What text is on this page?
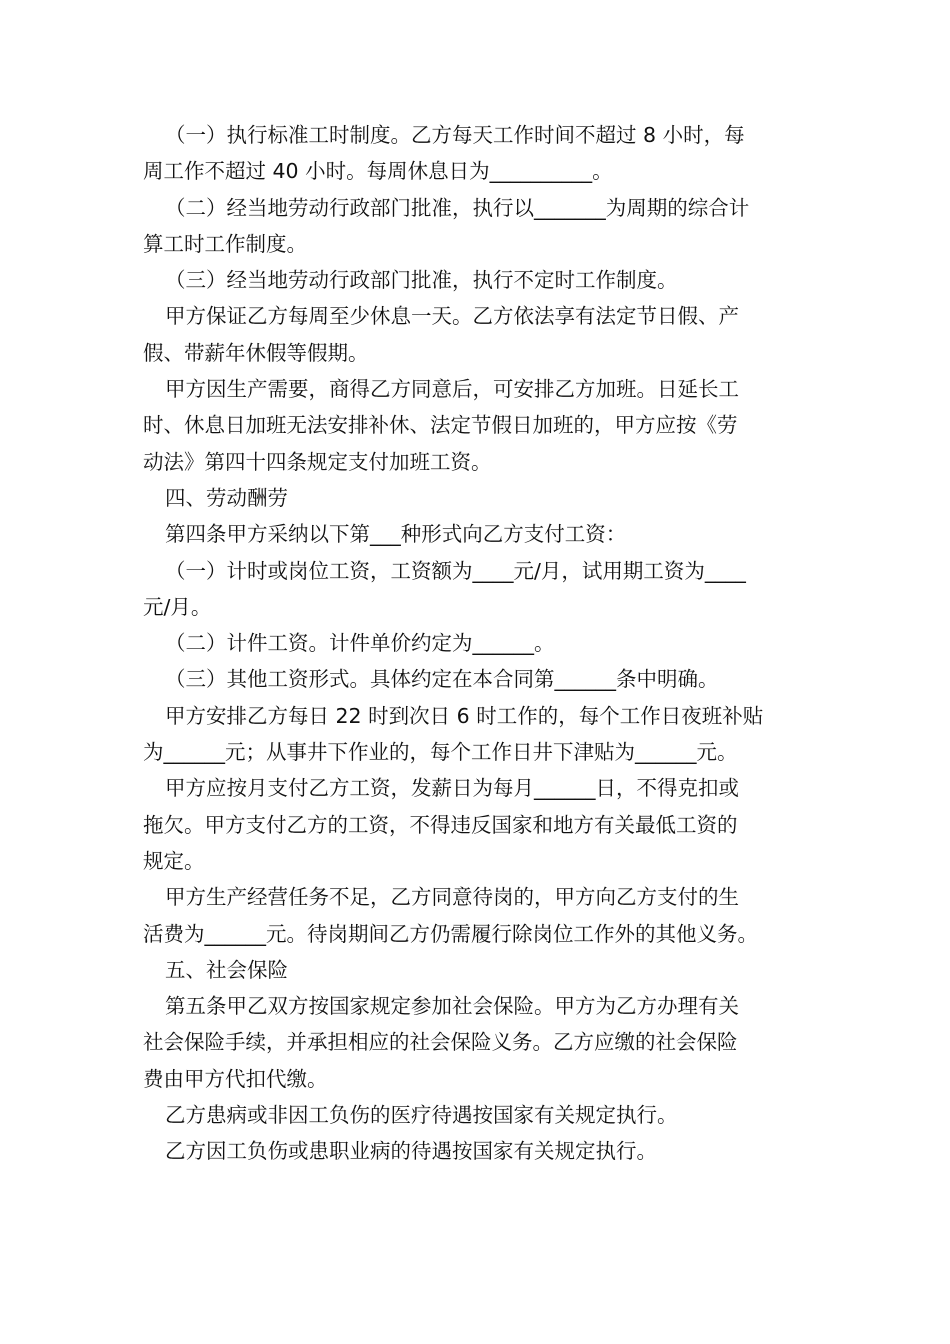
（一）执行标准工时制度。乙方每天工作时间不超过 8 小时，每
周工作不超过 40 小时。每周休息日为__________。
（二）经当地劳动行政部门批准，执行以_______为周期的综合计
算工时工作制度。
（三）经当地劳动行政部门批准，执行不定时工作制度。
甲方保证乙方每周至少休息一天。乙方依法享有法定节日假、产
假、带薪年休假等假期。
甲方因生产需要，商得乙方同意后，可安排乙方加班。日延长工
时、休息日加班无法安排补休、法定节假日加班的，甲方应按《劳
动法》第四十四条规定支付加班工资。
四、劳动酬劳
第四条甲方采纳以下第___种形式向乙方支付工资：
（一）计时或岗位工资，工资额为____元/月，试用期工资为____
元/月。
（二）计件工资。计件单价约定为______。
（三）其他工资形式。具体约定在本合同第______条中明确。
甲方安排乙方每日 22 时到次日 6 时工作的，每个工作日夜班补贴
为______元；从事井下作业的，每个工作日井下津贴为______元。
甲方应按月支付乙方工资，发薪日为每月______日，不得克扣或
拖欠。甲方支付乙方的工资，不得违反国家和地方有关最低工资的
规定。
甲方生产经营任务不足，乙方同意待岗的，甲方向乙方支付的生
活费为______元。待岗期间乙方仍需履行除岗位工作外的其他义务。
五、社会保险
第五条甲乙双方按国家规定参加社会保险。甲方为乙方办理有关
社会保险手续，并承担相应的社会保险义务。乙方应缴的社会保险
费由甲方代扣代缴。
乙方患病或非因工负伤的医疗待遇按国家有关规定执行。
乙方因工负伤或患职业病的待遇按国家有关规定执行。
